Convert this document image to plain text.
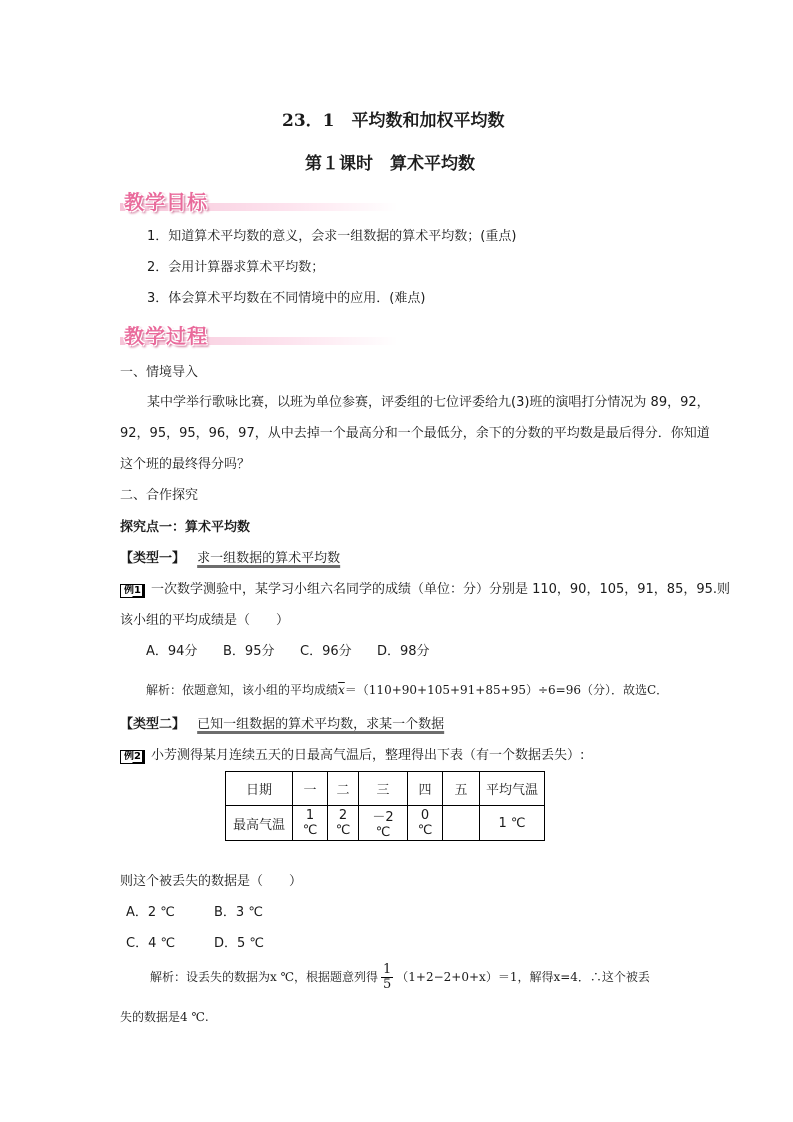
23．1　平均数和加权平均数
第１课时　算术平均数
教学目标
1．知道算术平均数的意义，会求一组数据的算术平均数；(重点)
2．会用计算器求算术平均数；
3．体会算术平均数在不同情境中的应用．(难点)
教学过程
一、情境导入
某中学举行歌咏比赛，以班为单位参赛，评委组的七位评委给九(3)班的演唱打分情况为 89，92，
92，95，95，96，97，从中去掉一个最高分和一个最低分，余下的分数的平均数是最后得分．你知道
这个班的最终得分吗？
二、合作探究
探究点一：算术平均数
【类型一】 求一组数据的算术平均数
例1 一次数学测验中，某学习小组六名同学的成绩（单位：分）分别是 110，90，105，91，85，95.则
该小组的平均成绩是（　　）
A．94分 B．95分 C．96分 D．98分
解析：依题意知，该小组的平均成绩$\overline{x}=(110+90+105+91+85+95)\div 6=96$（分）．故选C．
【类型二】 已知一组数据的算术平均数，求某一个数据
例2 小芳测得某月连续五天的日最高气温后，整理得出下表（有一个数据丢失）:
日期	一	二	三	四	五	平均气温
最高气温	1 ℃	2 ℃	－2 ℃	0 ℃		1 ℃
则这个被丢失的数据是（　　）
A．2 ℃	B．3 ℃
C．4 ℃	D．5 ℃
解析：设丢失的数据为x ℃，根据题意列得 $\frac{1}{5} (1+2-2+0+x)=1$，解得x=4．∴这个被丢
失的数据是4 ℃.
